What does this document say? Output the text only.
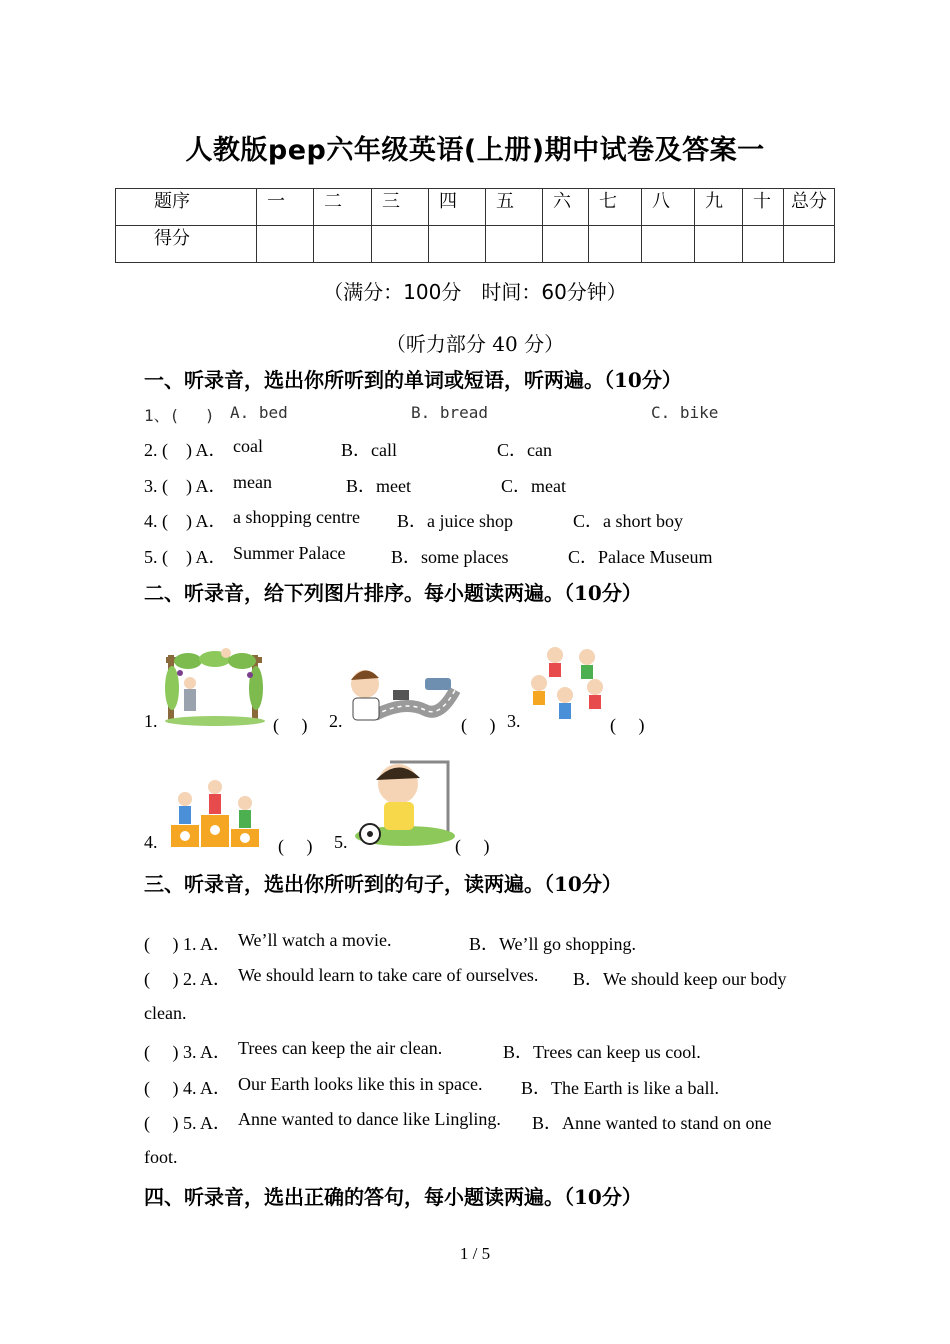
人教版pep六年级英语(上册)期中试卷及答案一
题序	一	二	三	四	五	六	七	八	九	十	总分
得分											
（满分：100分　时间：60分钟）
（听力部分 40 分）
一、听录音，选出你所听到的单词或短语，听两遍。（10分）
1、(　 ) A. bed	B. bread	C. bike
2. (　) A． coal	B．call	C．can
3. (　) A． mean	B．meet	C．meat
4. (　) A． a shopping centre B．a juice shop	C．a short boy
5. (　) A． Summer Palace	B．some places	C．Palace Museum
二、听录音，给下列图片排序。每小题读两遍。（10分）
1.	(　 ) 2.	(　 ) 3.	(　 )
4.	(　 ) 5.	(　 )
三、听录音，选出你所听到的句子，读两遍。（10分）
(　 ) 1. A． We’ll watch a movie.	B．We’ll go shopping.
(　 ) 2. A． We should learn to take care of ourselves. B．We should keep our body
clean.
(　 ) 3. A． Trees can keep the air clean.	B．Trees can keep us cool.
(　 ) 4. A． Our Earth looks like this in space. B．The Earth is like a ball.
(　 ) 5. A． Anne wanted to dance like Lingling. B．Anne wanted to stand on one
foot.
四、听录音，选出正确的答句，每小题读两遍。（10分）
1 / 5
